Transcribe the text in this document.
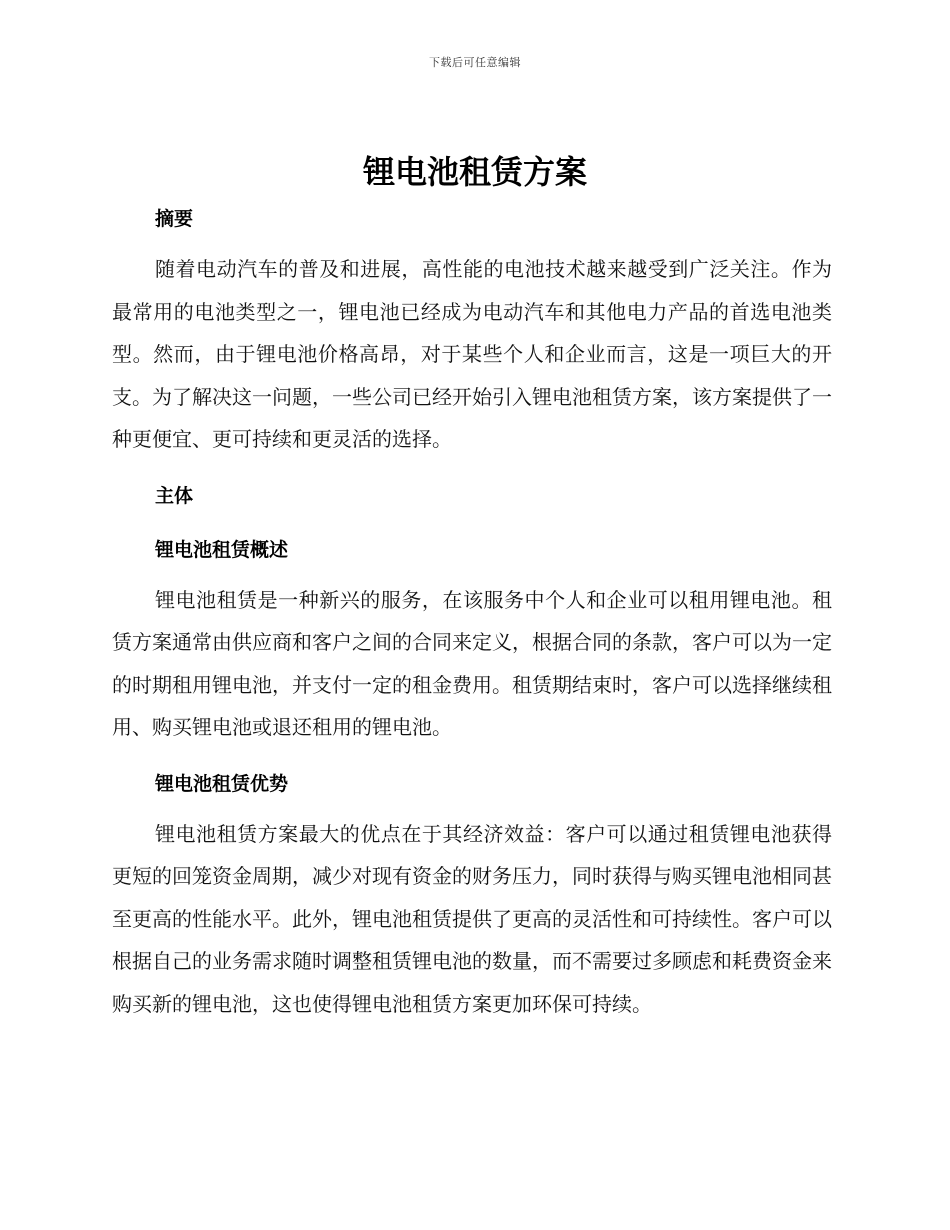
下载后可任意编辑
锂电池租赁方案
摘要

随着电动汽车的普及和进展，高性能的电池技术越来越受到广泛关注。作为最常用的电池类型之一，锂电池已经成为电动汽车和其他电力产品的首选电池类型。然而，由于锂电池价格高昂，对于某些个人和企业而言，这是一项巨大的开支。为了解决这一问题，一些公司已经开始引入锂电池租赁方案，该方案提供了一种更便宜、更可持续和更灵活的选择。

主体
锂电池租赁概述

锂电池租赁是一种新兴的服务，在该服务中个人和企业可以租用锂电池。租赁方案通常由供应商和客户之间的合同来定义，根据合同的条款，客户可以为一定的时期租用锂电池，并支付一定的租金费用。租赁期结束时，客户可以选择继续租用、购买锂电池或退还租用的锂电池。

锂电池租赁优势

锂电池租赁方案最大的优点在于其经济效益：客户可以通过租赁锂电池获得更短的回笼资金周期，减少对现有资金的财务压力，同时获得与购买锂电池相同甚至更高的性能水平。此外，锂电池租赁提供了更高的灵活性和可持续性。客户可以根据自己的业务需求随时调整租赁锂电池的数量，而不需要过多顾虑和耗费资金来购买新的锂电池，这也使得锂电池租赁方案更加环保可持续。
